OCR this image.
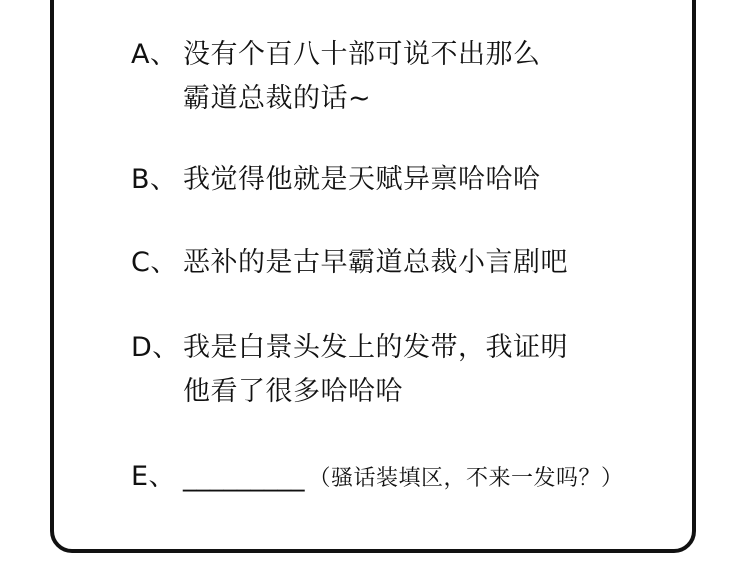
A、 没有个百八十部可说不出那么
霸道总裁的话~
B、 我觉得他就是天赋异禀哈哈哈
C、 恶补的是古早霸道总裁小言剧吧
D、 我是白景头发上的发带，我证明
他看了很多哈哈哈
E、 _________ （骚话装填区，不来一发吗？）
